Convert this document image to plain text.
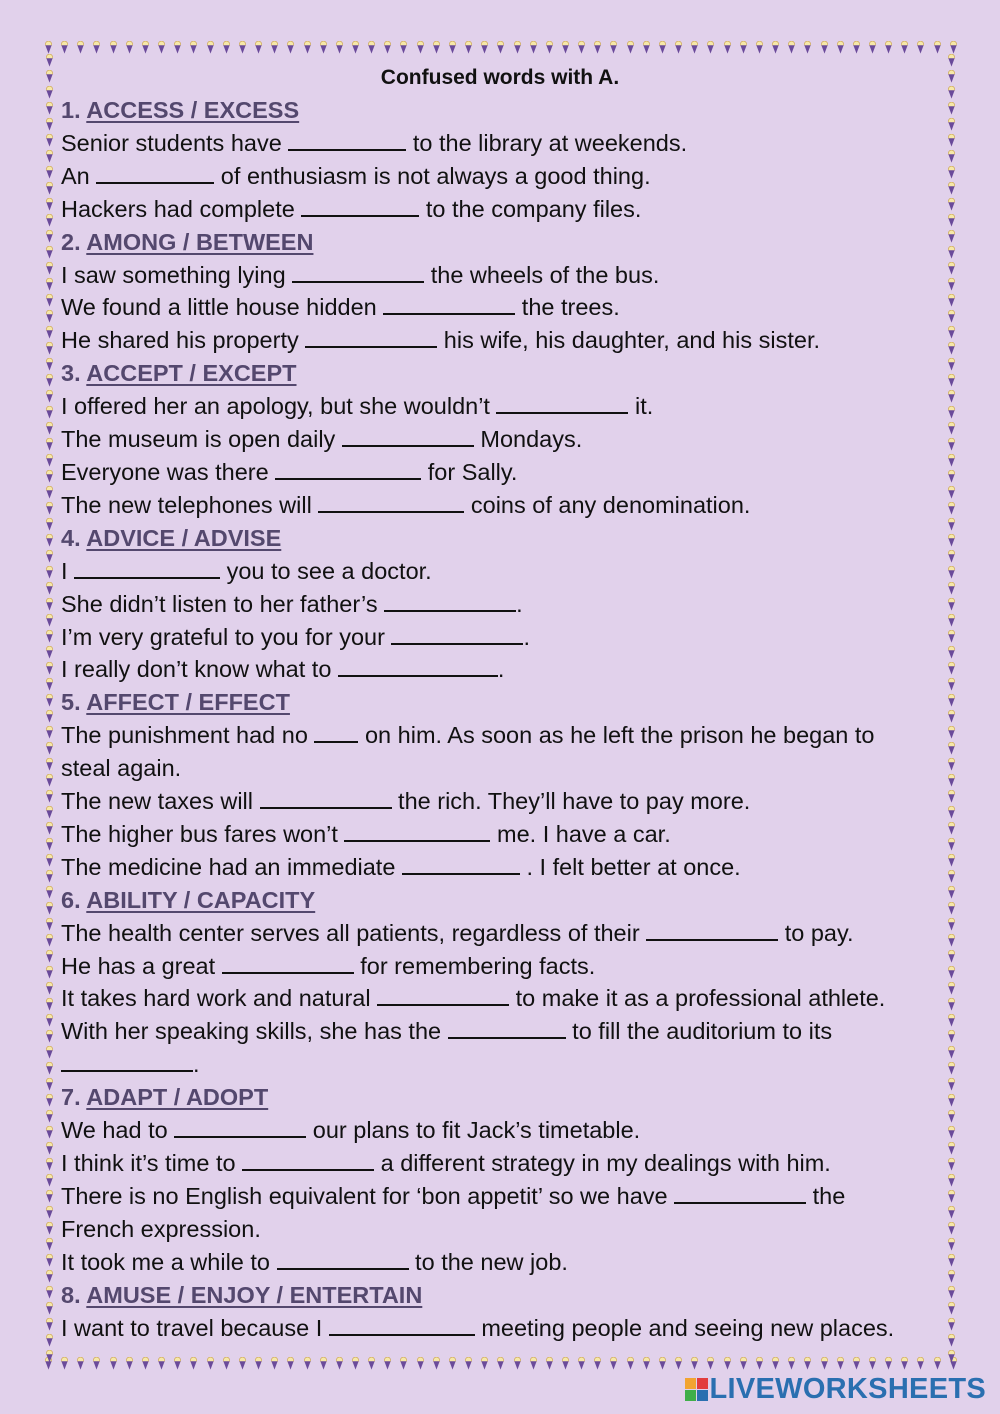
Confused words with A.
1. ACCESS / EXCESS
Senior students have	to the library at weekends.
An	of enthusiasm is not always a good thing.
Hackers had complete	to the company files.
2. AMONG / BETWEEN
I saw something lying	the wheels of the bus.
We found a little house hidden	the trees.
He shared his property	his wife, his daughter, and his sister.
3. ACCEPT / EXCEPT
I offered her an apology, but she wouldn’t	it.
The museum is open daily	Mondays.
Everyone was there	for Sally.
The new telephones will	coins of any denomination.
4. ADVICE / ADVISE
I	you to see a doctor.
She didn’t listen to her father’s	.
I’m very grateful to you for your	.
I really don’t know what to	.
5. AFFECT / EFFECT
The punishment had no  on him. As soon as he left the prison he began to
steal again.
The new taxes will	the rich. They’ll have to pay more.
The higher bus fares won’t	me. I have a car.
The medicine had an immediate	. I felt better at once.
6. ABILITY / CAPACITY
The health center serves all patients, regardless of their	to pay.
He has a great	for remembering facts.
It takes hard work and natural	to make it as a professional athlete.
With her speaking skills, she has the	to fill the auditorium to its
.
7. ADAPT / ADOPT
We had to	our plans to fit Jack’s timetable.
I think it’s time to	a different strategy in my dealings with him.
There is no English equivalent for ‘bon appetit’ so we have	the
French expression.
It took me a while to	to the new job.
8. AMUSE / ENJOY / ENTERTAIN
I want to travel because I	meeting people and seeing new places.
LIVEWORKSHEETS
